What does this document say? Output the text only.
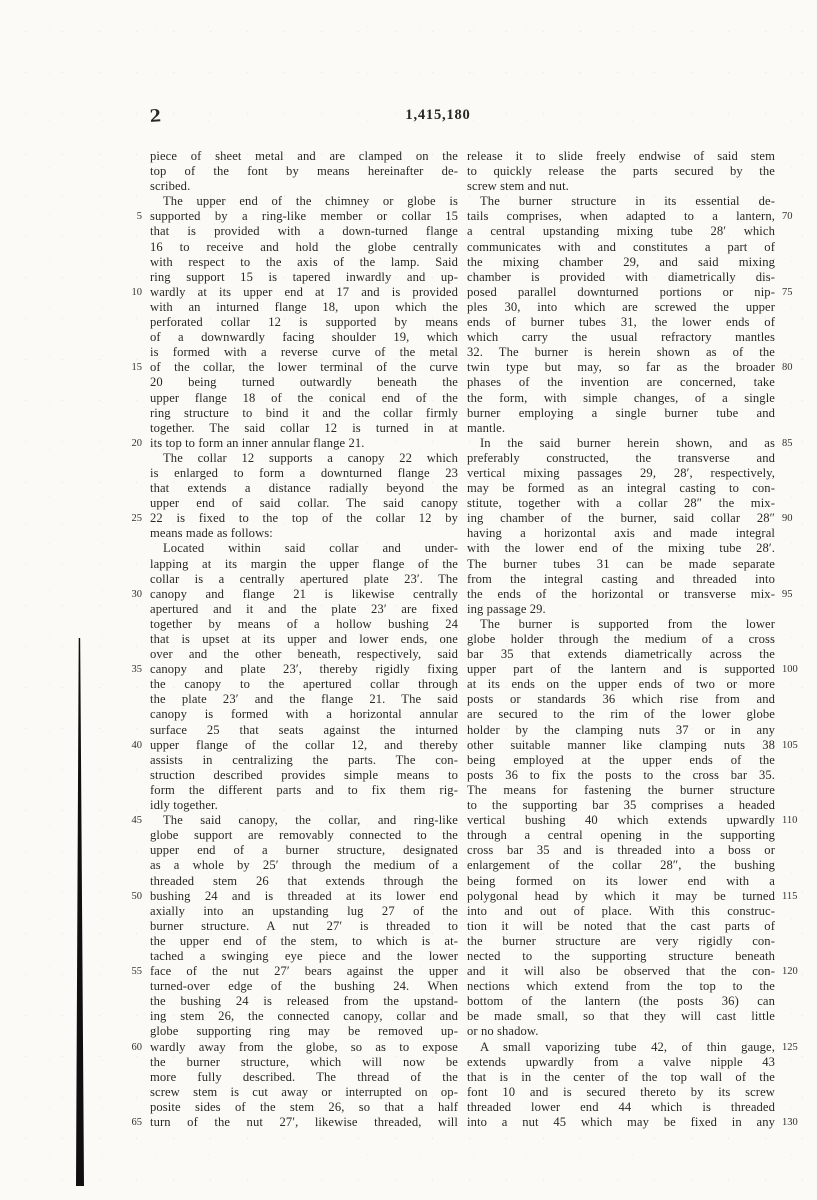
2	1,415,180
piece of sheet metal and are clamped on the
top of the font by means hereinafter de-
scribed.
The upper end of the chimney or globe is
5 supported by a ring-like member or collar 15
that is provided with a down-turned flange
16 to receive and hold the globe centrally
with respect to the axis of the lamp. Said
ring support 15 is tapered inwardly and up-
10 wardly at its upper end at 17 and is provided
with an inturned flange 18, upon which the
perforated collar 12 is supported by means
of a downwardly facing shoulder 19, which
is formed with a reverse curve of the metal
15 of the collar, the lower terminal of the curve
20 being turned outwardly beneath the
upper flange 18 of the conical end of the
ring structure to bind it and the collar firmly
together. The said collar 12 is turned in at
20 its top to form an inner annular flange 21.
The collar 12 supports a canopy 22 which
is enlarged to form a downturned flange 23
that extends a distance radially beyond the
upper end of said collar. The said canopy
25 22 is fixed to the top of the collar 12 by
means made as follows:
Located within said collar and under-
lapping at its margin the upper flange of the
collar is a centrally apertured plate 23′. The
30 canopy and flange 21 is likewise centrally
apertured and it and the plate 23′ are fixed
together by means of a hollow bushing 24
that is upset at its upper and lower ends, one
over and the other beneath, respectively, said
35 canopy and plate 23′, thereby rigidly fixing
the canopy to the apertured collar through
the plate 23′ and the flange 21. The said
canopy is formed with a horizontal annular
surface 25 that seats against the inturned
40 upper flange of the collar 12, and thereby
assists in centralizing the parts. The con-
struction described provides simple means to
form the different parts and to fix them rig-
idly together.
45	The said canopy, the collar, and ring-like
globe support are removably connected to the
upper end of a burner structure, designated
as a whole by 25′ through the medium of a
threaded stem 26 that extends through the
50 bushing 24 and is threaded at its lower end
axially into an upstanding lug 27 of the
burner structure. A nut 27′ is threaded to
the upper end of the stem, to which is at-
tached a swinging eye piece and the lower
55 face of the nut 27′ bears against the upper
turned-over edge of the bushing 24. When
the bushing 24 is released from the upstand-
ing stem 26, the connected canopy, collar and
globe supporting ring may be removed up-
60 wardly away from the globe, so as to expose
the burner structure, which will now be
more fully described. The thread of the
screw stem is cut away or interrupted on op-
posite sides of the stem 26, so that a half
65 turn of the nut 27′, likewise threaded, will
release it to slide freely endwise of said stem
to quickly release the parts secured by the
screw stem and nut.
The burner structure in its essential de-
tails comprises, when adapted to a lantern, 70
a central upstanding mixing tube 28′ which
communicates with and constitutes a part of
the mixing chamber 29, and said mixing
chamber is provided with diametrically dis-
posed parallel downturned portions or nip- 75
ples 30, into which are screwed the upper
ends of burner tubes 31, the lower ends of
which carry the usual refractory mantles
32. The burner is herein shown as of the
twin type but may, so far as the broader 80
phases of the invention are concerned, take
the form, with simple changes, of a single
burner employing a single burner tube and
mantle.
In the said burner herein shown, and as 85
preferably constructed, the transverse and
vertical mixing passages 29, 28′, respectively,
may be formed as an integral casting to con-
stitute, together with a collar 28″ the mix-
ing chamber of the burner, said collar 28″ 90
having a horizontal axis and made integral
with the lower end of the mixing tube 28′.
The burner tubes 31 can be made separate
from the integral casting and threaded into
the ends of the horizontal or transverse mix- 95
ing passage 29.
The burner is supported from the lower
globe holder through the medium of a cross
bar 35 that extends diametrically across the
upper part of the lantern and is supported 100
at its ends on the upper ends of two or more
posts or standards 36 which rise from and
are secured to the rim of the lower globe
holder by the clamping nuts 37 or in any
other suitable manner like clamping nuts 38 105
being employed at the upper ends of the
posts 36 to fix the posts to the cross bar 35.
The means for fastening the burner structure
to the supporting bar 35 comprises a headed
vertical bushing 40 which extends upwardly 110
through a central opening in the supporting
cross bar 35 and is threaded into a boss or
enlargement of the collar 28″, the bushing
being formed on its lower end with a
polygonal head by which it may be turned 115
into and out of place. With this construc-
tion it will be noted that the cast parts of
the burner structure are very rigidly con-
nected to the supporting structure beneath
and it will also be observed that the con- 120
nections which extend from the top to the
bottom of the lantern (the posts 36) can
be made small, so that they will cast little
or no shadow.
A small vaporizing tube 42, of thin gauge, 125
extends upwardly from a valve nipple 43
that is in the center of the top wall of the
font 10 and is secured thereto by its screw
threaded lower end 44 which is threaded
into a nut 45 which may be fixed in any 130
